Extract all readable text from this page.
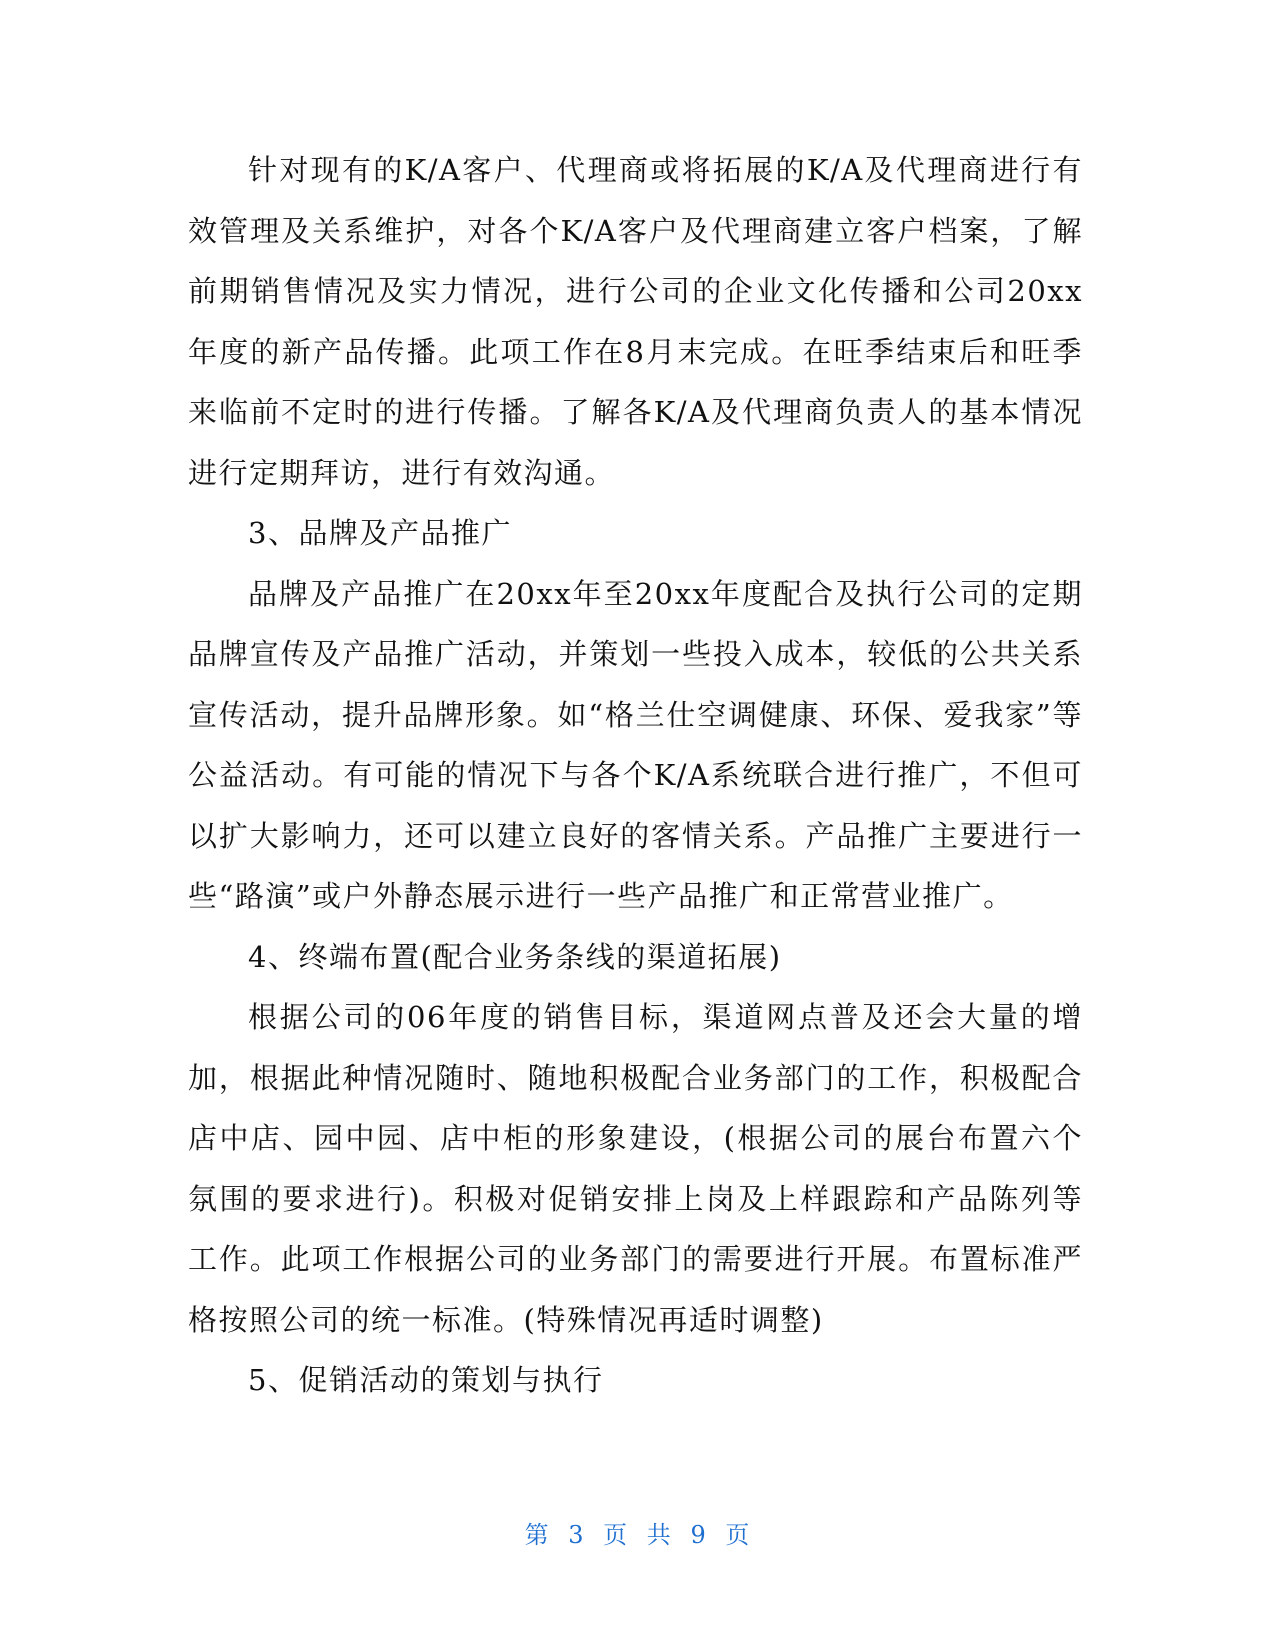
针对现有的K/A客户、代理商或将拓展的K/A及代理商进行有效管理及关系维护，对各个K/A客户及代理商建立客户档案，了解前期销售情况及实力情况，进行公司的企业文化传播和公司20xx年度的新产品传播。此项工作在8月末完成。在旺季结束后和旺季来临前不定时的进行传播。了解各K/A及代理商负责人的基本情况进行定期拜访，进行有效沟通。

3、品牌及产品推广

品牌及产品推广在20xx年至20xx年度配合及执行公司的定期品牌宣传及产品推广活动，并策划一些投入成本，较低的公共关系宣传活动，提升品牌形象。如“格兰仕空调健康、环保、爱我家”等公益活动。有可能的情况下与各个K/A系统联合进行推广，不但可以扩大影响力，还可以建立良好的客情关系。产品推广主要进行一些“路演”或户外静态展示进行一些产品推广和正常营业推广。

4、终端布置(配合业务条线的渠道拓展)

根据公司的06年度的销售目标，渠道网点普及还会大量的增加，根据此种情况随时、随地积极配合业务部门的工作，积极配合店中店、园中园、店中柜的形象建设，(根据公司的展台布置六个氛围的要求进行)。积极对促销安排上岗及上样跟踪和产品陈列等工作。此项工作根据公司的业务部门的需要进行开展。布置标准严格按照公司的统一标准。(特殊情况再适时调整)

5、促销活动的策划与执行

第 3 页 共 9 页
